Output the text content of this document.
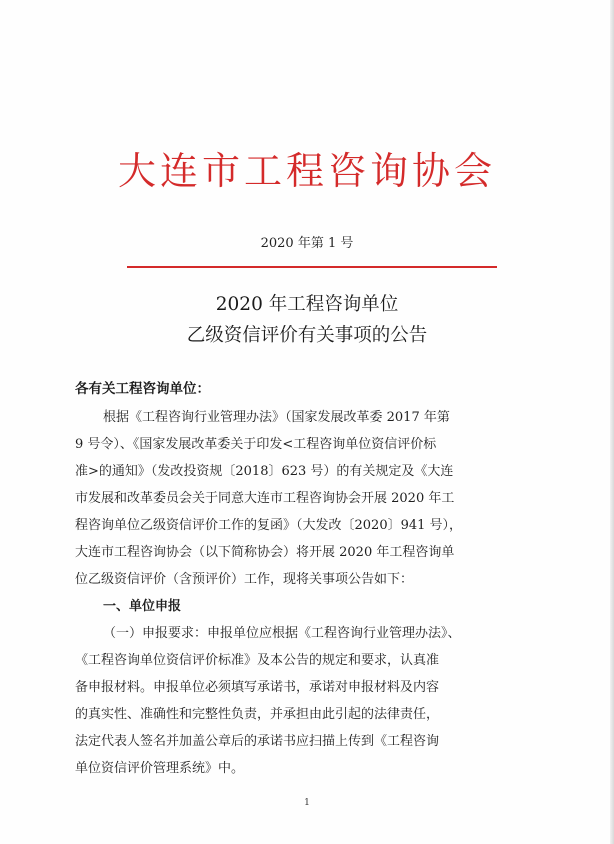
大连市工程咨询协会
2020 年第 1 号
2020 年工程咨询单位
乙级资信评价有关事项的公告
各有关工程咨询单位：
根据《工程咨询行业管理办法》（国家发展改革委 2017 年第
9 号令）、《国家发展改革委关于印发<工程咨询单位资信评价标
准>的通知》（发改投资规〔2018〕623 号）的有关规定及《大连
市发展和改革委员会关于同意大连市工程咨询协会开展 2020 年工
程咨询单位乙级资信评价工作的复函》（大发改〔2020〕941 号），
大连市工程咨询协会（以下简称协会）将开展 2020 年工程咨询单
位乙级资信评价（含预评价）工作，现将关事项公告如下：
一、单位申报
（一）申报要求：申报单位应根据《工程咨询行业管理办法》、
《工程咨询单位资信评价标准》及本公告的规定和要求，认真准
备申报材料。申报单位必须填写承诺书，承诺对申报材料及内容
的真实性、准确性和完整性负责，并承担由此引起的法律责任，
法定代表人签名并加盖公章后的承诺书应扫描上传到《工程咨询
单位资信评价管理系统》中。
1
